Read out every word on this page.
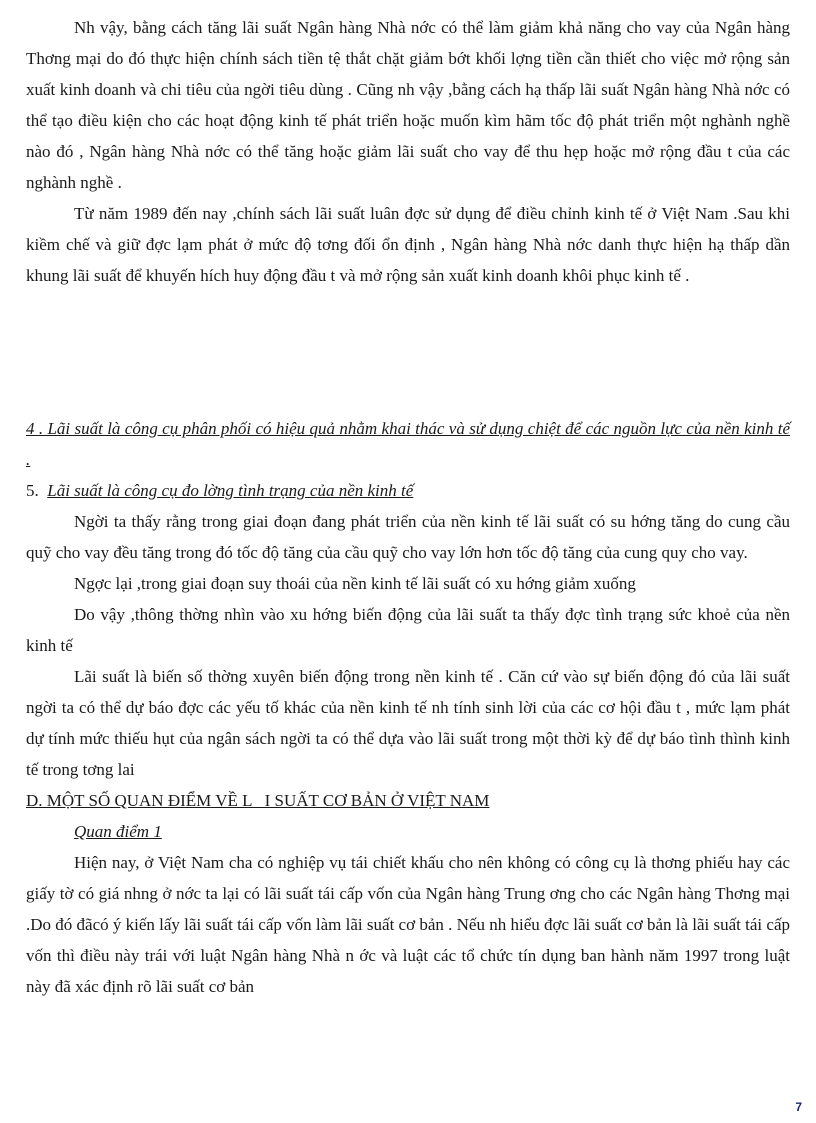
Nh vậy, bằng cách tăng lãi suất Ngân hàng Nhà nớc có thể làm giảm khả năng cho vay của Ngân hàng Thơng mại do đó thực hiện chính sách tiền tệ thắt chặt giảm bớt khối lợng tiền cần thiết cho việc mở rộng sản xuất kinh doanh và chi tiêu của ngời tiêu dùng . Cũng nh vậy ,bằng cách hạ thấp lãi suất Ngân hàng Nhà nớc có thể tạo điều kiện cho các hoạt động kinh tế phát triển hoặc muốn kìm hãm tốc độ phát triển một nghành nghề nào đó , Ngân hàng Nhà nớc có thể tăng hoặc giảm lãi suất cho vay để thu hẹp hoặc mở rộng đầu t của các nghành nghề .

Từ năm 1989 đến nay ,chính sách lãi suất luân đợc sử dụng để điều chỉnh kinh tế ở Việt Nam .Sau khi kiềm chế và giữ đợc lạm phát ở mức độ tơng đối ổn định , Ngân hàng Nhà nớc danh thực hiện hạ thấp dần khung lãi suất để khuyến hích huy động đầu t và mở rộng sản xuất kinh doanh khôi phục kinh tế .

4 . Lãi suất là công cụ phân phối có hiệu quả nhằm khai thác và sử dụng chiệt để các nguồn lực của nền kinh tế .

5. Lãi suất là công cụ đo lờng tình trạng của nền kinh tế

Ngời ta thấy rằng trong giai đoạn đang phát triển của nền kinh tế lãi suất có su hớng tăng do cung cầu quỹ cho vay đều tăng trong đó tốc độ tăng của cầu quỹ cho vay lớn hơn tốc độ tăng của cung quy cho vay.

Ngợc lại ,trong giai đoạn suy thoái của nền kinh tế lãi suất có xu hớng giảm xuống

Do vậy ,thông thờng nhìn vào xu hớng biến động của lãi suất ta thấy đợc tình trạng sức khoẻ của nền kinh tế

Lãi suất là biến số thờng xuyên biến động trong nền kinh tế . Căn cứ vào sự biến động đó của lãi suất ngời ta có thể dự báo đợc các yếu tố khác của nền kinh tế nh tính sinh lời của các cơ hội đầu t , mức lạm phát dự tính mức thiếu hụt của ngân sách ngời ta có thể dựa vào lãi suất trong một thời kỳ để dự báo tình thình kinh tế trong tơng lai

D. MỘT SỐ QUAN ĐIỂM VỀ L   I SUẤT CƠ BẢN Ở VIỆT NAM

Quan điểm 1

Hiện nay, ở Việt Nam cha có nghiệp vụ tái chiết khấu cho nên không có công cụ là thơng phiếu hay các giấy tờ có giá nhng ở nớc ta lại có lãi suất tái cấp vốn của Ngân hàng Trung ơng cho các Ngân hàng Thơng mại .Do đó đãcó ý kiến lấy lãi suất tái cấp vốn làm lãi suất cơ bản . Nếu nh hiểu đợc lãi suất cơ bản là lãi suất tái cấp vốn thì điều này trái với luật Ngân hàng Nhà n ớc và luật các tổ chức tín dụng ban hành năm 1997 trong luật này đã xác định rõ lãi suất cơ bản

7
